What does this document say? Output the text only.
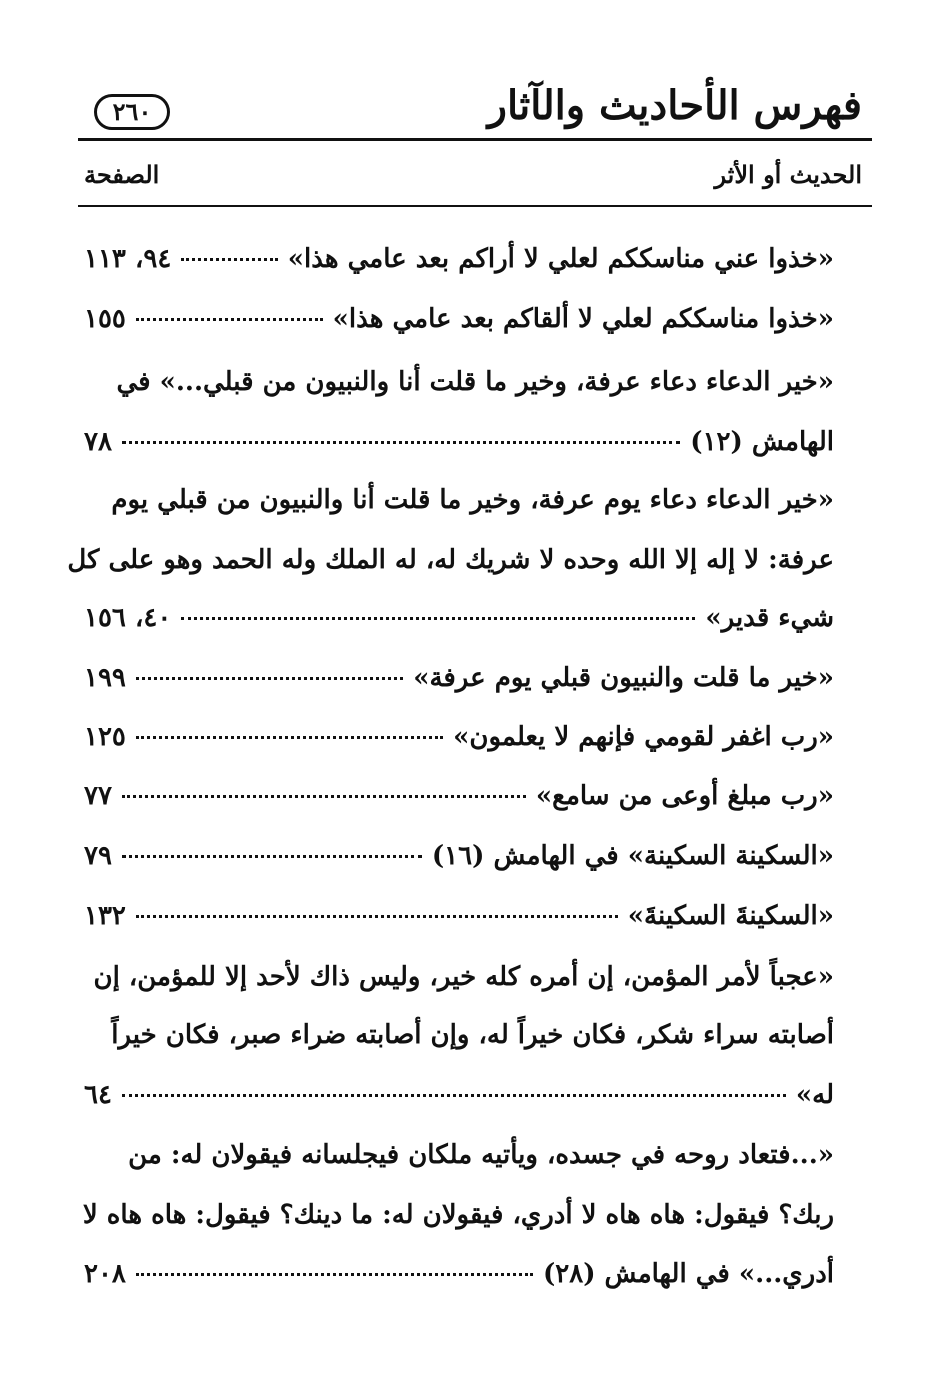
فهرس الأحاديث والآثار
٢٦٠
الحديث أو الأثر
الصفحة
«خذوا عني مناسككم لعلي لا أراكم بعد عامي هذا»
٩٤، ١١٣
«خذوا مناسككم لعلي لا ألقاكم بعد عامي هذا»
١٥٥
«خير الدعاء دعاء عرفة، وخير ما قلت أنا والنبيون من قبلي...» في
الهامش (١٢)
٧٨
«خير الدعاء دعاء يوم عرفة، وخير ما قلت أنا والنبيون من قبلي يوم
عرفة: لا إله إلا الله وحده لا شريك له، له الملك وله الحمد وهو على كل
شيء قدير»
٤٠، ١٥٦
«خير ما قلت والنبيون قبلي يوم عرفة»
١٩٩
«رب اغفر لقومي فإنهم لا يعلمون»
١٢٥
«رب مبلغ أوعى من سامع»
٧٧
«السكينة السكينة» في الهامش (١٦)
٧٩
«السكينةَ السكينةَ»
١٣٢
«عجباً لأمر المؤمن، إن أمره كله خير، وليس ذاك لأحد إلا للمؤمن، إن
أصابته سراء شكر، فكان خيراً له، وإن أصابته ضراء صبر، فكان خيراً
له»
٦٤
«...فتعاد روحه في جسده، ويأتيه ملكان فيجلسانه فيقولان له: من
ربك؟ فيقول: هاه هاه لا أدري، فيقولان له: ما دينك؟ فيقول: هاه هاه لا
أدري...» في الهامش (٢٨)
٢٠٨
